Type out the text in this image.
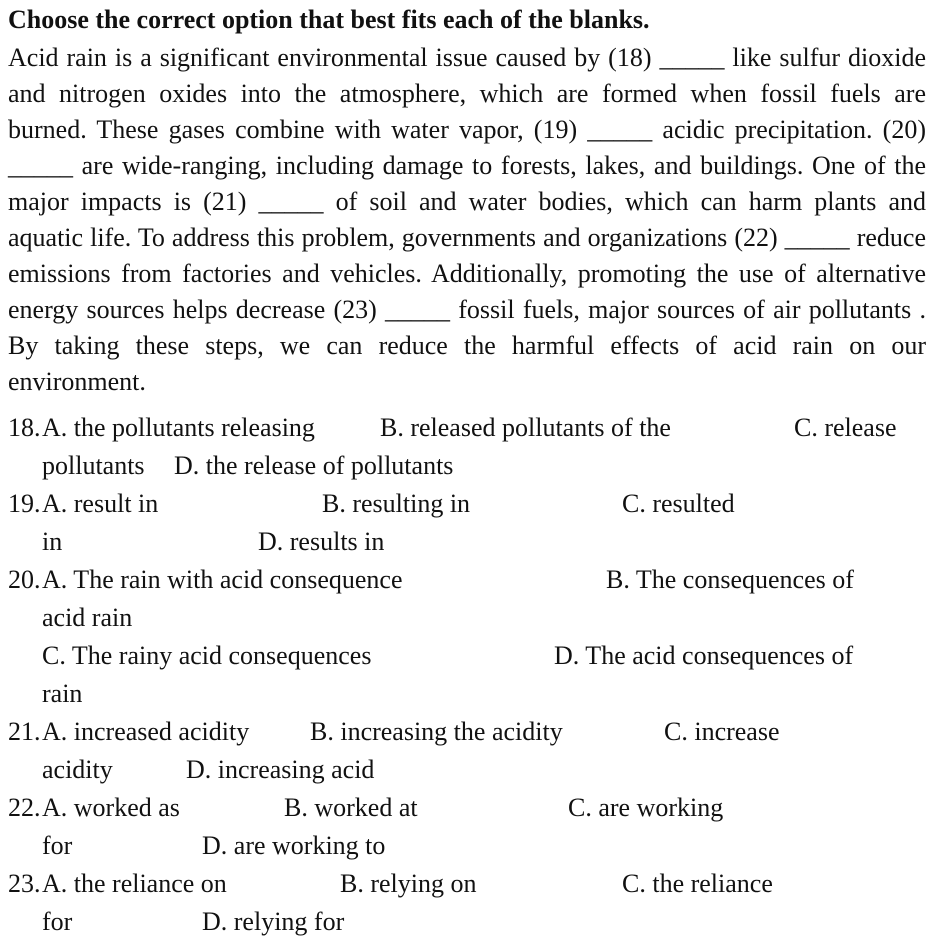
Choose the correct option that best fits each of the blanks.

Acid rain is a significant environmental issue caused by (18) _____ like sulfur dioxide and nitrogen oxides into the atmosphere, which are formed when fossil fuels are burned. These gases combine with water vapor, (19) _____ acidic precipitation. (20) _____ are wide-ranging, including damage to forests, lakes, and buildings. One of the major impacts is (21) _____ of soil and water bodies, which can harm plants and aquatic life. To address this problem, governments and organizations (22) _____ reduce emissions from factories and vehicles. Additionally, promoting the use of alternative energy sources helps decrease (23) _____ fossil fuels, major sources of air pollutants . By taking these steps, we can reduce the harmful effects of acid rain on our environment.

18. A. the pollutants releasing	B. released pollutants of the	C. release
pollutants D. the release of pollutants
19. A. result in	B. resulting in	C. resulted
in	D. results in
20. A. The rain with acid consequence	B. The consequences of
acid rain
C. The rainy acid consequences	D. The acid consequences of
rain
21. A. increased acidity B. increasing the acidity	C. increase
acidity	D. increasing acid
22. A. worked as	B. worked at	C. are working
for	D. are working to
23. A. the reliance on	B. relying on	C. the reliance
for	D. relying for
